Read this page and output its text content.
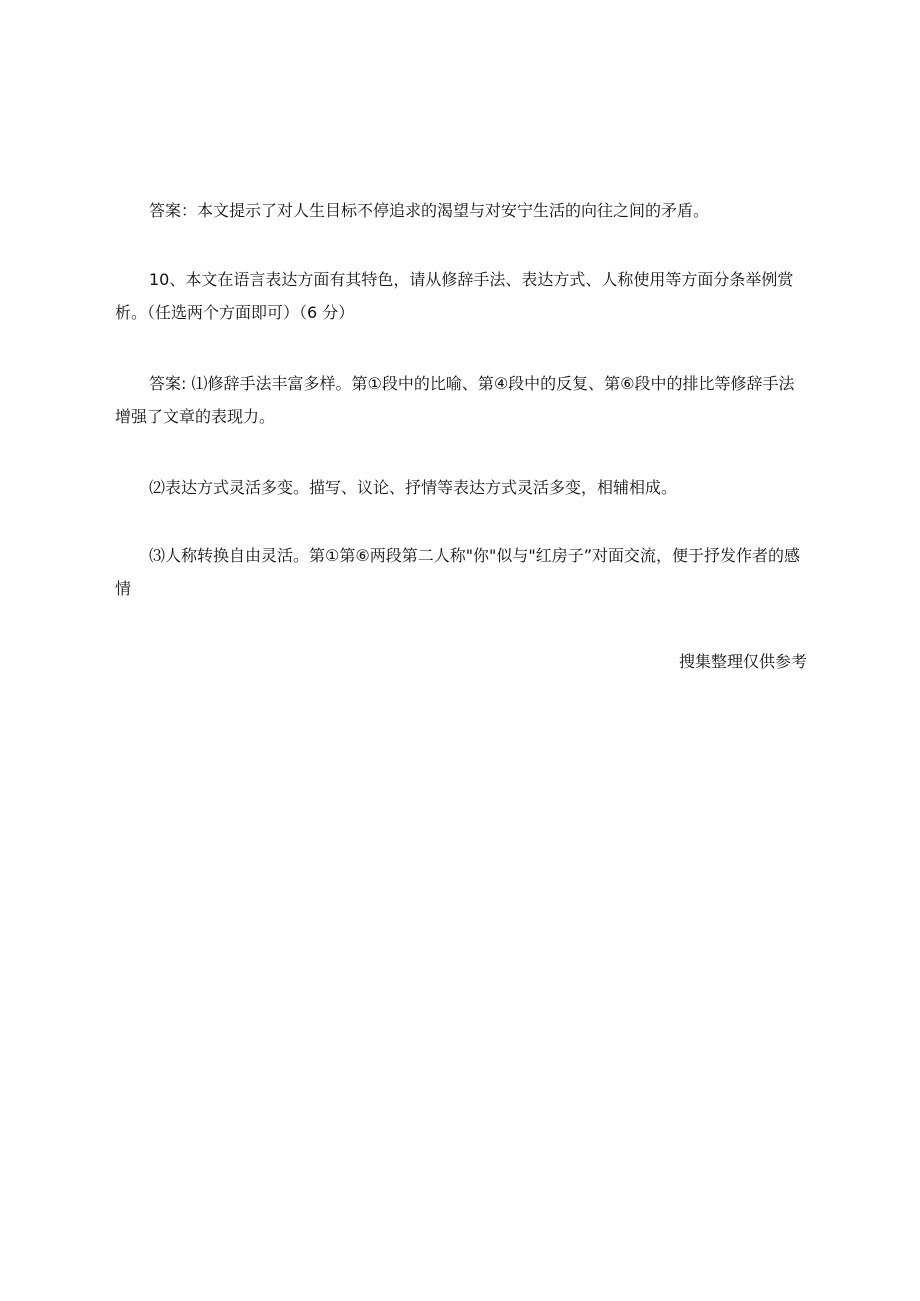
答案：本文提示了对人生目标不停追求的渴望与对安宁生活的向往之间的矛盾。

10、本文在语言表达方面有其特色，请从修辞手法、表达方式、人称使用等方面分条举例赏析。（任选两个方面即可）（6 分）

答案: ⑴修辞手法丰富多样。第①段中的比喻、第④段中的反复、第⑥段中的排比等修辞手法增强了文章的表现力。

⑵表达方式灵活多变。描写、议论、抒情等表达方式灵活多变，相辅相成。

⑶人称转换自由灵活。第①第⑥两段第二人称"你"似与"红房子”对面交流，便于抒发作者的感情

搜集整理仅供参考
